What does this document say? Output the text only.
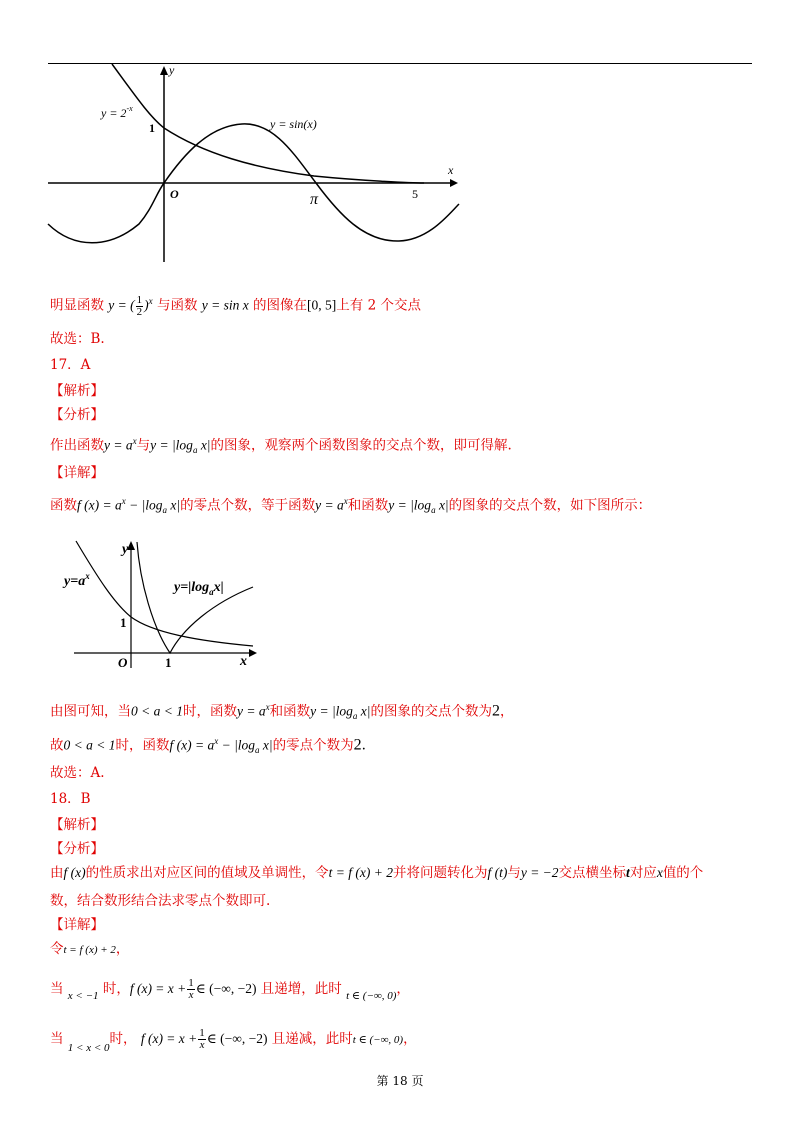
$y = 2^{-x}$
y = sin(x)
y
x
1
O	π	5
明显函数 y = ( $\frac{1}{2} )^x$ 与函数 y = sin x 的图像在[0, 5]上有 2 个交点
故选：B.
17．A
【解析】
【分析】
作出函数$y = a^x$与$y = |\log_a$ x|的图象，观察两个函数图象的交点个数，即可得解.
【详解】
函数f $(x) = a^x - |\log_a$ x|的零点个数，等于函数$y = a^x$和函数$y = |\log_a$ x|的图象的交点个数，如下图所示：
$y=a^x$
$y=|\log_ax|$
y
x
1
O	1
由图可知，当0 < a < 1时，函数$y = a^x$和函数$y = |\log_a$ x|的图象的交点个数为2，
故0 < a < 1时，函数f $(x) = a^x - |\log_a$ x|的零点个数为2.
故选：A.
18．B
【解析】
【分析】
由f (x)的性质求出对应区间的值域及单调性，令t = f (x) + 2并将问题转化为f (t)与y = −2交点横坐标t对应x值的个
数，结合数形结合法求零点个数即可.
【详解】
令t = f (x) + 2，
当 $_{x < -1}$ 时，f $(x) = x + \frac{1}{x}$ ∈ (−∞, −2) 且递增，此时 $_{t \in (-\infty, 0)}$，
当 $_{1 < x < 0}$时， f $(x) = x + \frac{1}{x}$ ∈ (−∞, −2) 且递减，此时t ∈ (−∞, 0)，
第 18 页
